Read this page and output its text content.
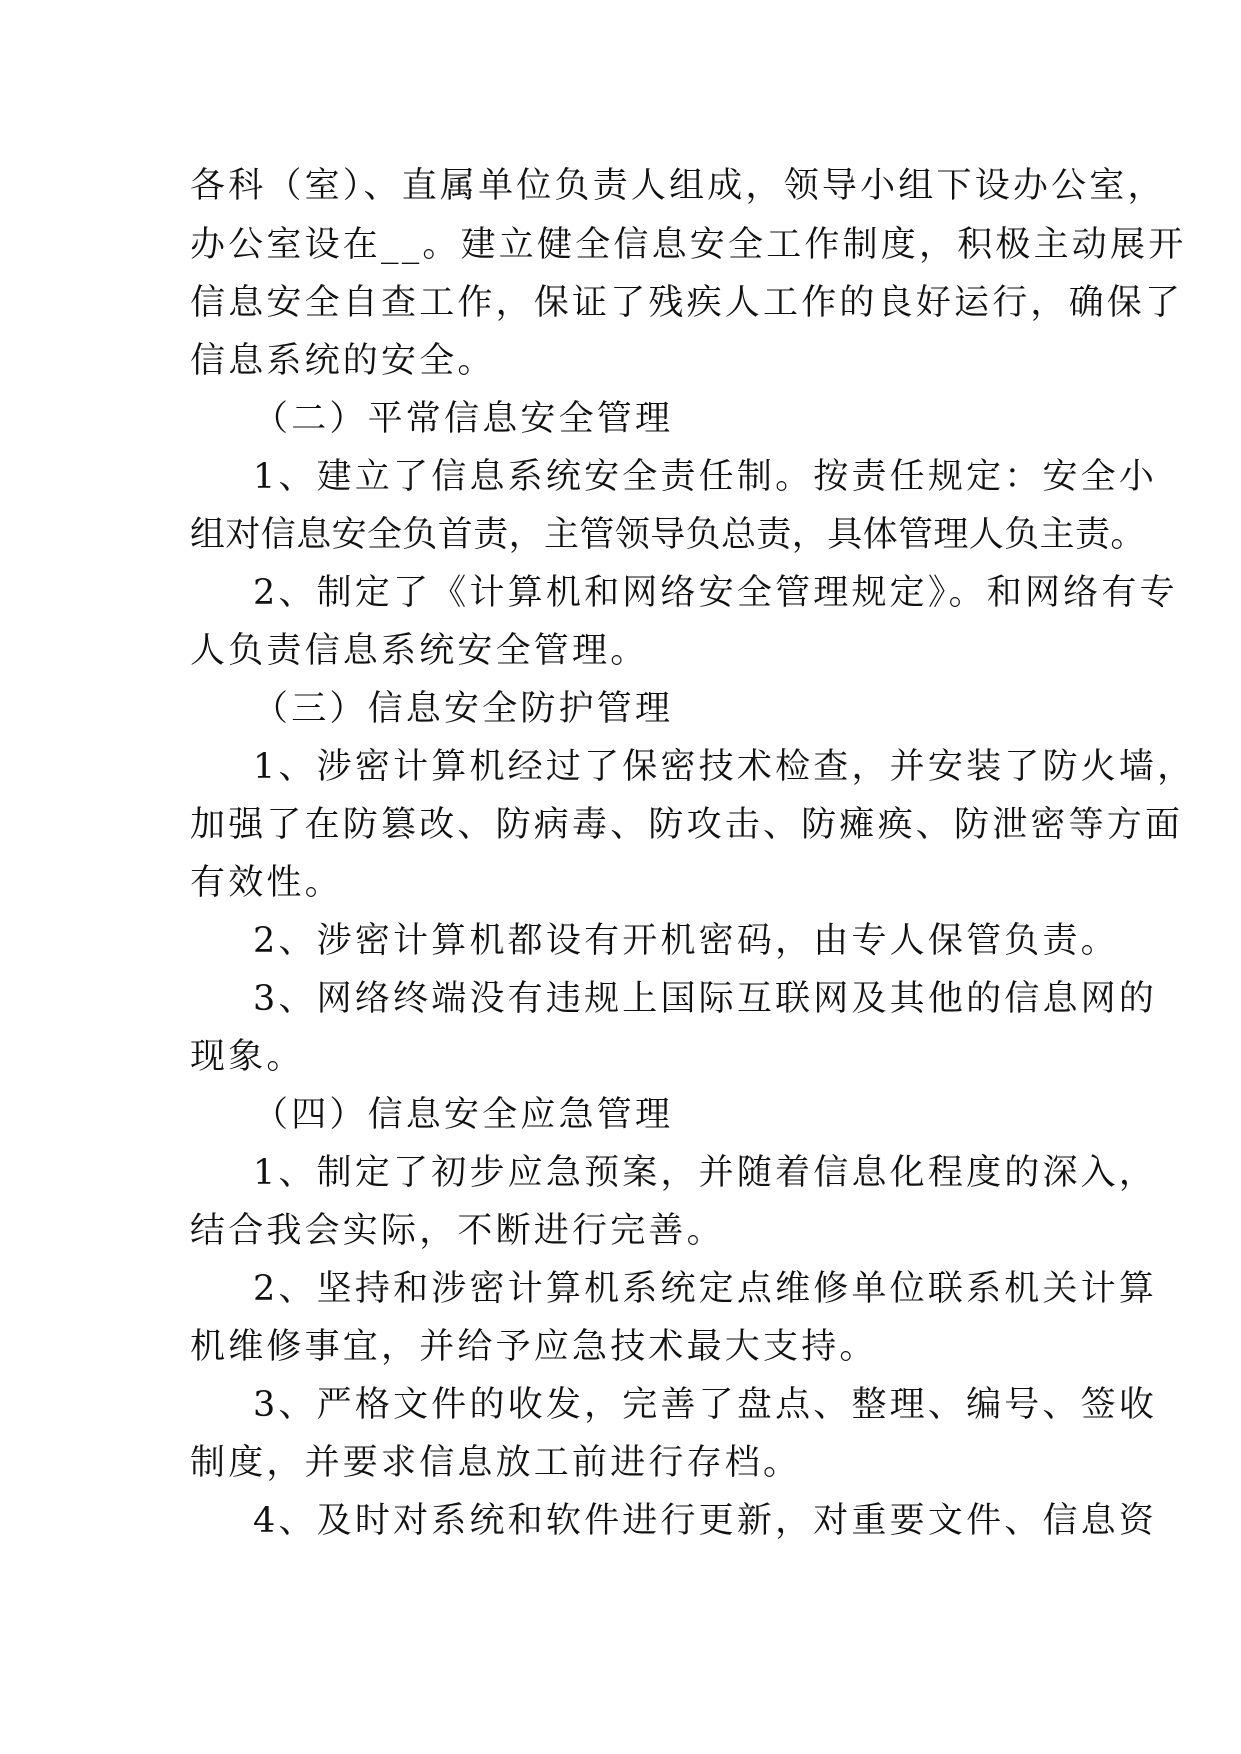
各科（室）、直属单位负责人组成，领导小组下设办公室，
办公室设在__。建立健全信息安全工作制度，积极主动展开
信息安全自查工作，保证了残疾人工作的良好运行，确保了
信息系统的安全。
（二）平常信息安全管理
1、建立了信息系统安全责任制。按责任规定：安全小
组对信息安全负首责，主管领导负总责，具体管理人负主责。
2、制定了《计算机和网络安全管理规定》。和网络有专
人负责信息系统安全管理。
（三）信息安全防护管理
1、涉密计算机经过了保密技术检查，并安装了防火墙，
加强了在防篡改、防病毒、防攻击、防瘫痪、防泄密等方面
有效性。
2、涉密计算机都设有开机密码，由专人保管负责。
3、网络终端没有违规上国际互联网及其他的信息网的
现象。
（四）信息安全应急管理
1、制定了初步应急预案，并随着信息化程度的深入，
结合我会实际，不断进行完善。
2、坚持和涉密计算机系统定点维修单位联系机关计算
机维修事宜，并给予应急技术最大支持。
3、严格文件的收发，完善了盘点、整理、编号、签收
制度，并要求信息放工前进行存档。
4、及时对系统和软件进行更新，对重要文件、信息资
